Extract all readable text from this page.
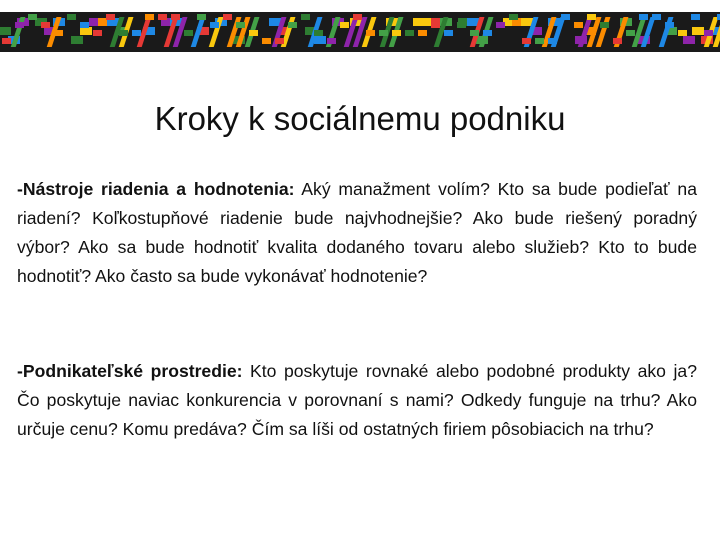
Kroky k sociálnemu podniku

-Nástroje riadenia a hodnotenia: Aký manažment volím? Kto sa bude podieľať na riadení? Koľkostupňové riadenie bude najvhodnejšie? Ako bude riešený poradný výbor? Ako sa bude hodnotiť kvalita dodaného tovaru alebo služieb? Kto to bude hodnotiť? Ako často sa bude vykonávať hodnotenie?

-Podnikateľské prostredie: Kto poskytuje rovnaké alebo podobné produkty ako ja? Čo poskytuje naviac konkurencia v porovnaní s nami? Odkedy funguje na trhu? Ako určuje cenu? Komu predáva? Čím sa líši od ostatných firiem pôsobiacich na trhu?
